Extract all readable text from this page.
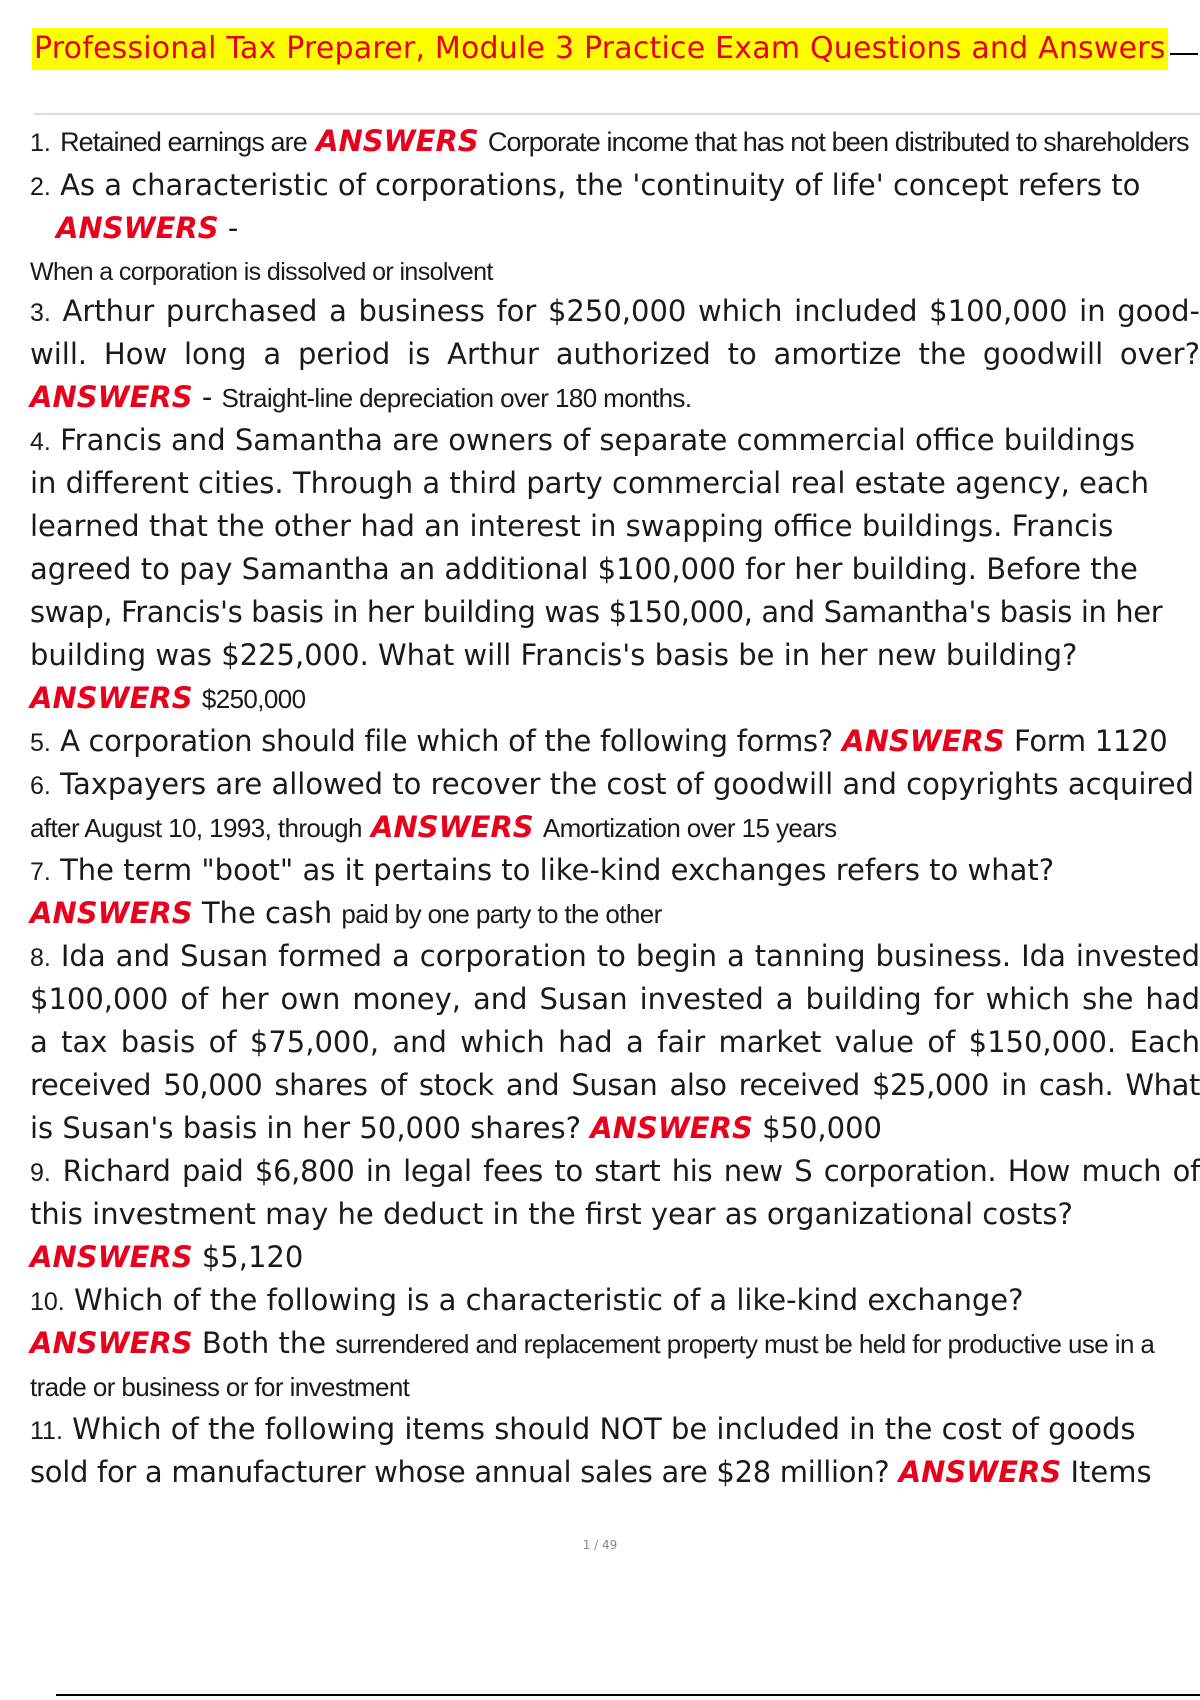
Professional Tax Preparer, Module 3 Practice Exam Questions and Answers
1. Retained earnings are ANSWERS Corporate income that has not been distributed to shareholders
2. As a characteristic of corporations, the 'continuity of life' concept refers to
ANSWERS -
When a corporation is dissolved or insolvent
3. Arthur purchased a business for $250,000 which included $100,000 in good-
will. How long a period is Arthur authorized to amortize the goodwill over?
ANSWERS - Straight-line depreciation over 180 months.
4. Francis and Samantha are owners of separate commercial office buildings
in different cities. Through a third party commercial real estate agency, each
learned that the other had an interest in swapping office buildings. Francis
agreed to pay Samantha an additional $100,000 for her building. Before the
swap, Francis's basis in her building was $150,000, and Samantha's basis in her
building was $225,000. What will Francis's basis be in her new building?
ANSWERS $250,000
5. A corporation should file which of the following forms? ANSWERS Form 1120
6. Taxpayers are allowed to recover the cost of goodwill and copyrights acquired
after August 10, 1993, through ANSWERS Amortization over 15 years
7. The term "boot" as it pertains to like-kind exchanges refers to what?
ANSWERS The cash paid by one party to the other
8. Ida and Susan formed a corporation to begin a tanning business. Ida invested
$100,000 of her own money, and Susan invested a building for which she had
a tax basis of $75,000, and which had a fair market value of $150,000. Each
received 50,000 shares of stock and Susan also received $25,000 in cash. What
is Susan's basis in her 50,000 shares? ANSWERS $50,000
9. Richard paid $6,800 in legal fees to start his new S corporation. How much of
this investment may he deduct in the first year as organizational costs?
ANSWERS $5,120
10. Which of the following is a characteristic of a like-kind exchange?
ANSWERS Both the surrendered and replacement property must be held for productive use in a
trade or business or for investment
11. Which of the following items should NOT be included in the cost of goods
sold for a manufacturer whose annual sales are $28 million? ANSWERS Items
1 / 49
